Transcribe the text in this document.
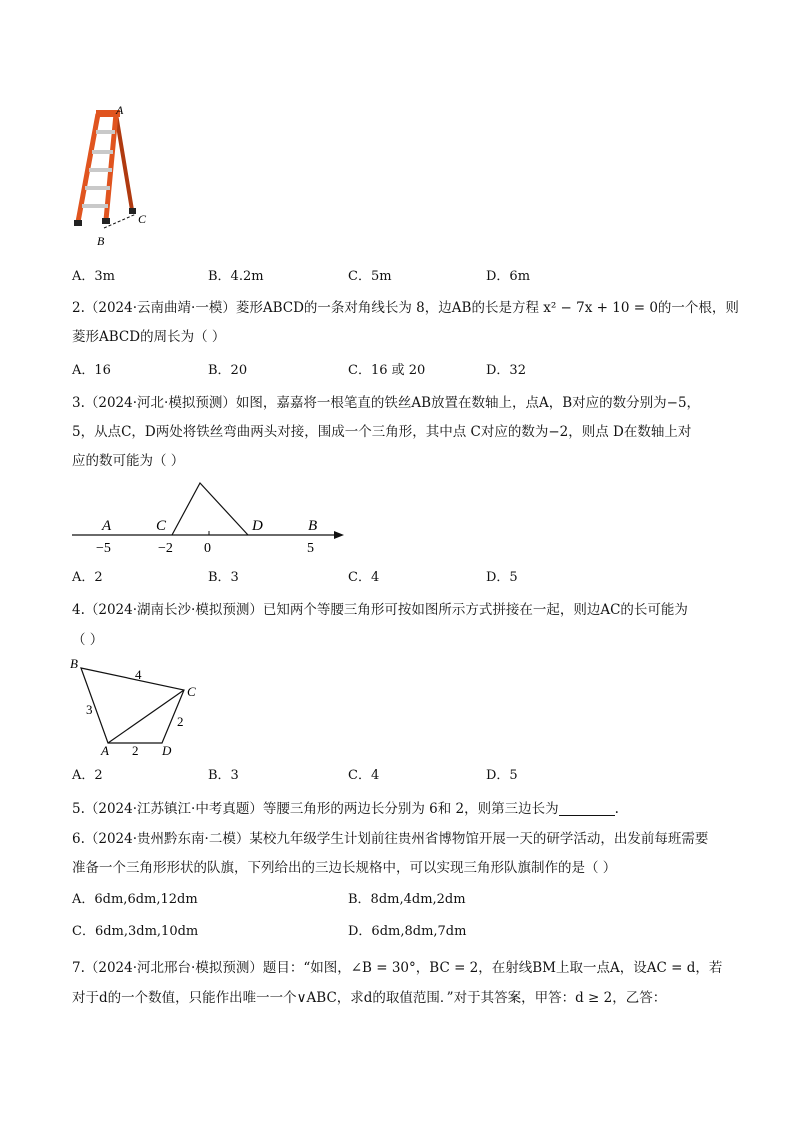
A
B
C
A．3m	B．4.2m	C．5m	D．6m
2.（2024·云南曲靖·一模）菱形ABCD的一条对角线长为 8，边AB的长是方程 x² − 7x + 10 = 0的一个根，则
菱形ABCD的周长为（ ）
A．16	B．20	C．16 或 20	D．32
3.（2024·河北·模拟预测）如图，嘉嘉将一根笔直的铁丝AB放置在数轴上，点A，B对应的数分别为−5，
5，从点C，D两处将铁丝弯曲两头对接，围成一个三角形，其中点 C对应的数为−2，则点 D在数轴上对
应的数可能为（ ）
A	C	D	B
−5	−2 0	5
A．2	B．3	C．4	D．5
4.（2024·湖南长沙·模拟预测）已知两个等腰三角形可按如图所示方式拼接在一起，则边AC的长可能为
（ ）
B
C
A	D
4
3
2
2
A．2	B．3	C．4	D．5
5.（2024·江苏镇江·中考真题）等腰三角形的两边长分别为 6和 2，则第三边长为	.
6.（2024·贵州黔东南·二模）某校九年级学生计划前往贵州省博物馆开展一天的研学活动，出发前每班需要
准备一个三角形形状的队旗，下列给出的三边长规格中，可以实现三角形队旗制作的是（ ）
A．6dm,6dm,12dm	B．8dm,4dm,2dm
C．6dm,3dm,10dm	D．6dm,8dm,7dm
7.（2024·河北邢台·模拟预测）题目：“如图，∠B = 30°，BC = 2，在射线BM上取一点A，设AC = d，若
对于d的一个数值，只能作出唯一一个∨ABC，求d的取值范围．”对于其答案，甲答：d ≥ 2，乙答：
